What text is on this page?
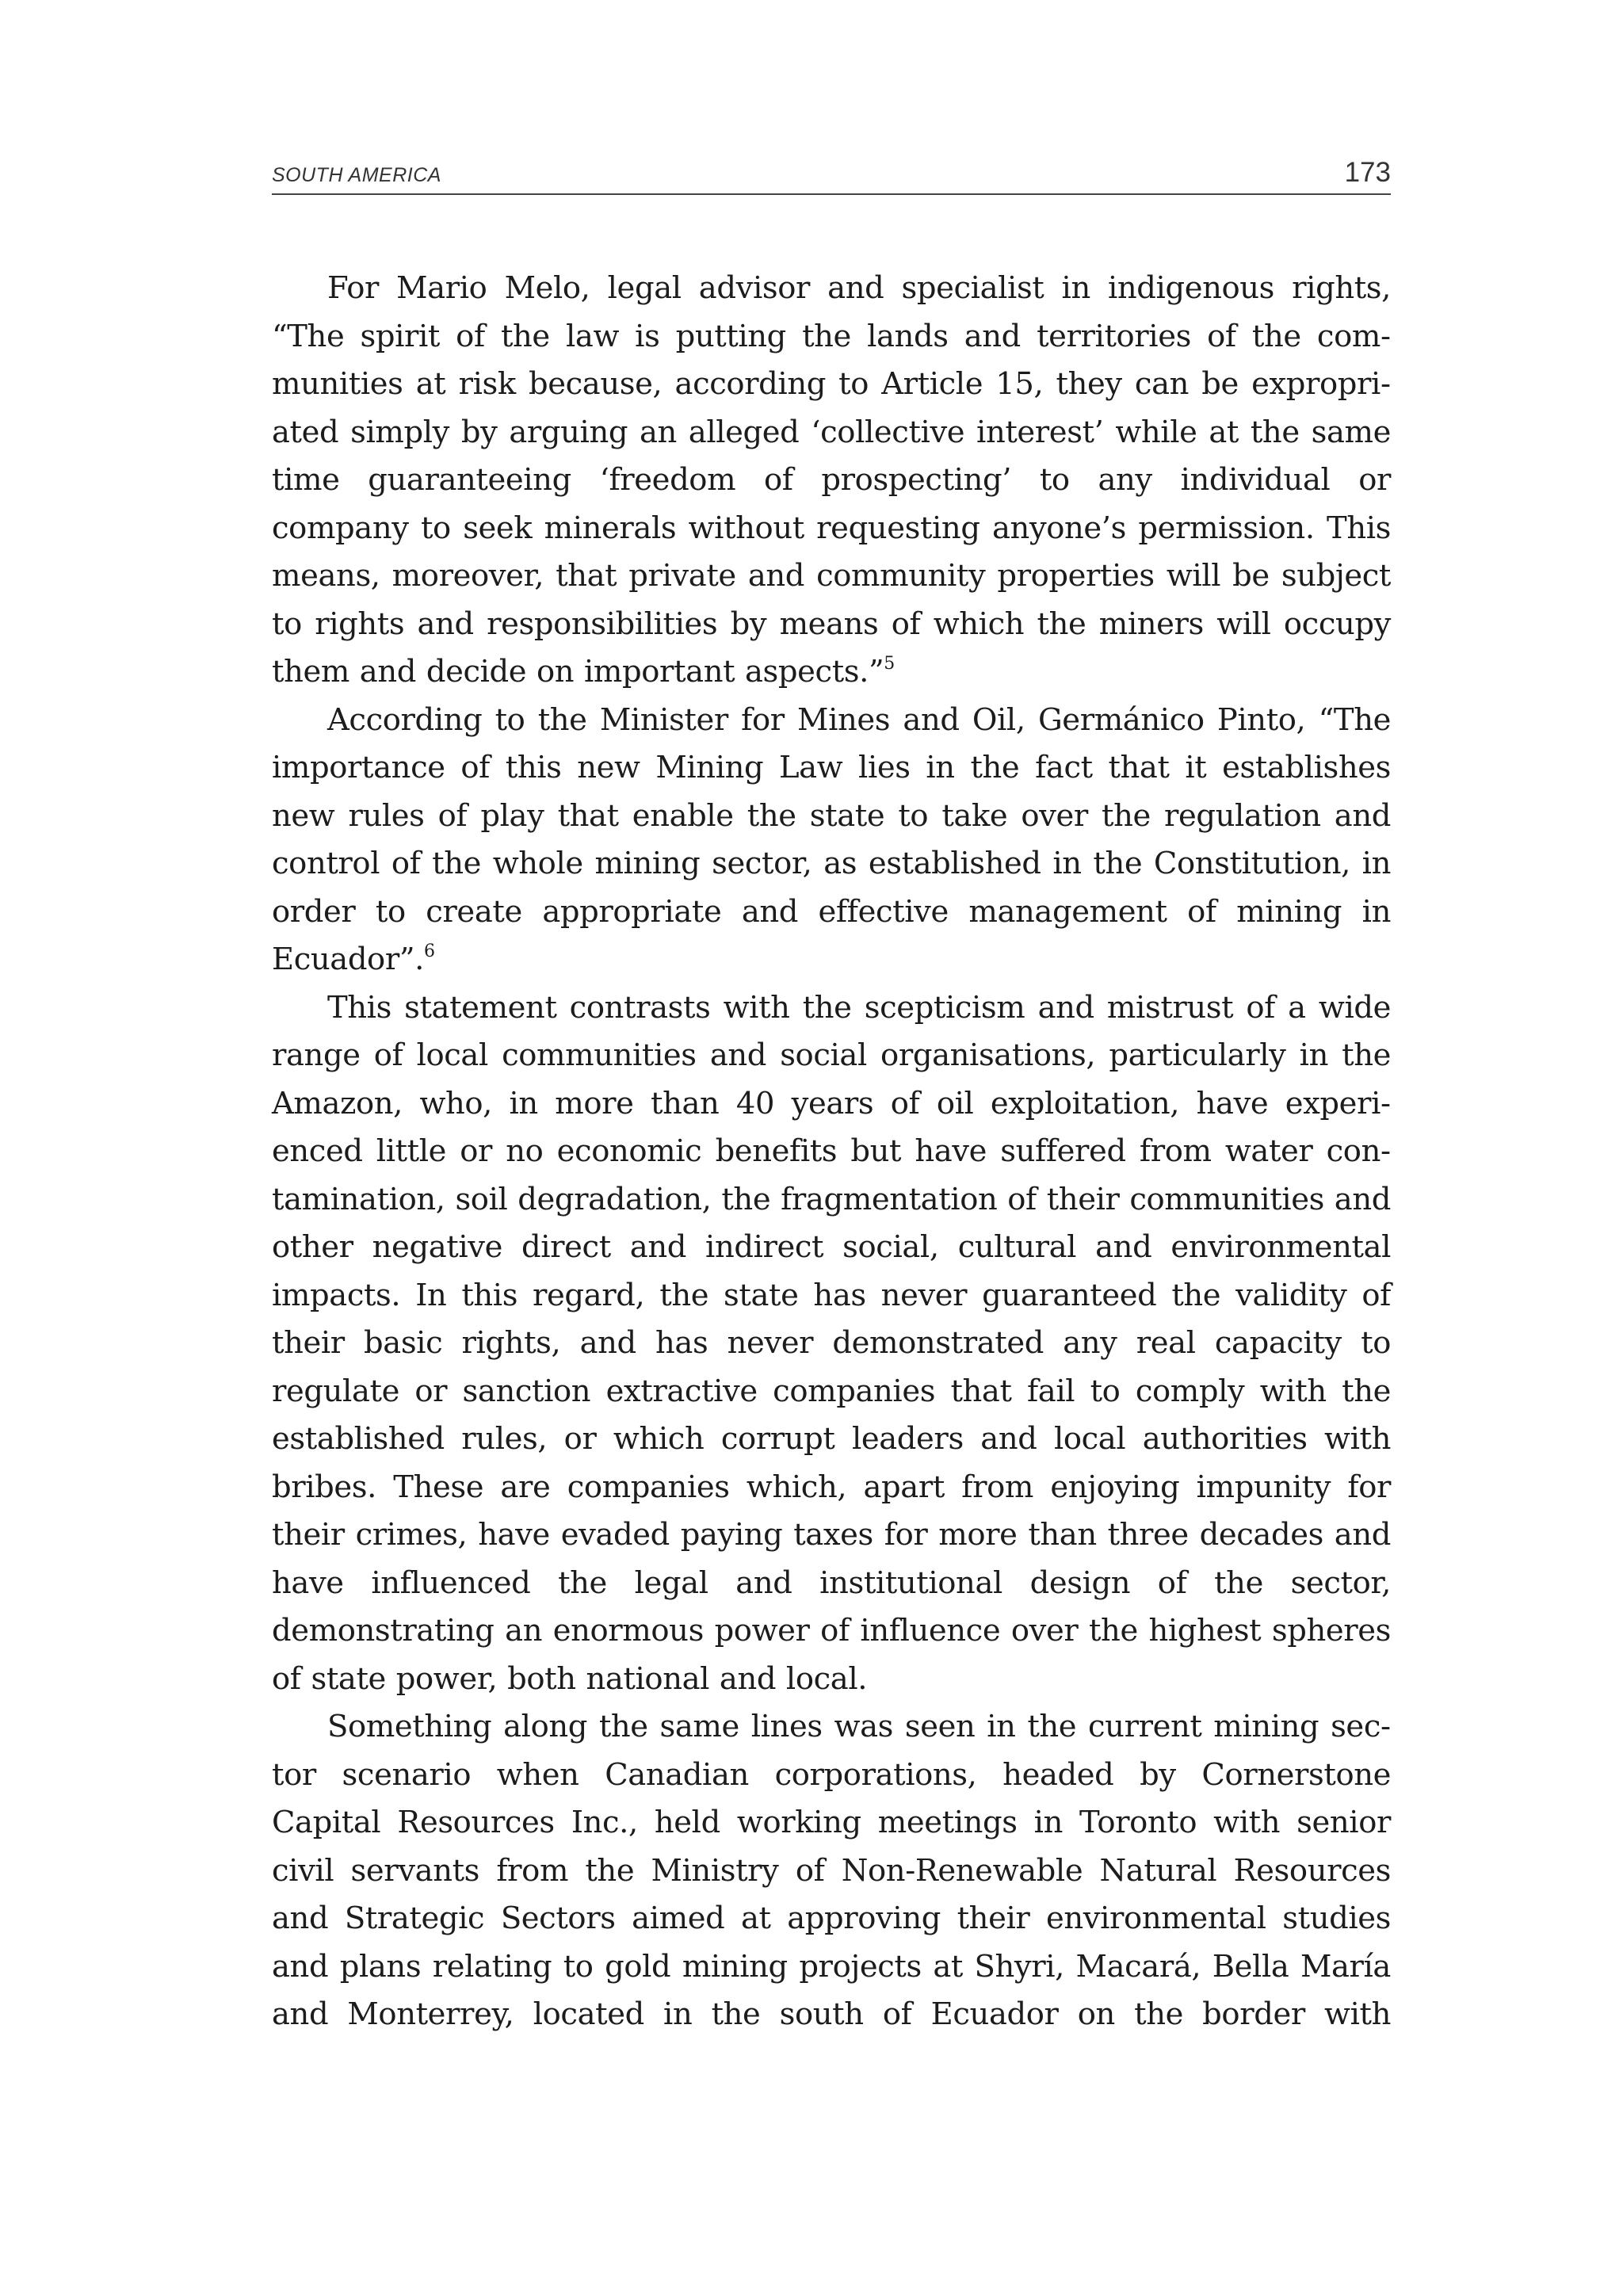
SOUTH AMERICA	173

For Mario Melo, legal advisor and specialist in indigenous rights, “The spirit of the law is putting the lands and territories of the communities at risk because, according to Article 15, they can be expropriated simply by arguing an alleged ‘collective interest’ while at the same time guaranteeing ‘freedom of prospecting’ to any individual or company to seek minerals without requesting anyone’s permission. This means, moreover, that private and community properties will be subject to rights and responsibilities by means of which the miners will occupy them and decide on important aspects.”$^5$

According to the Minister for Mines and Oil, Germánico Pinto, “The importance of this new Mining Law lies in the fact that it establishes new rules of play that enable the state to take over the regulation and control of the whole mining sector, as established in the Constitution, in order to create appropriate and effective management of mining in Ecuador”.$^6$

This statement contrasts with the scepticism and mistrust of a wide range of local communities and social organisations, particularly in the Amazon, who, in more than 40 years of oil exploitation, have experienced little or no economic benefits but have suffered from water contamination, soil degradation, the fragmentation of their communities and other negative direct and indirect social, cultural and environmental impacts. In this regard, the state has never guaranteed the validity of their basic rights, and has never demonstrated any real capacity to regulate or sanction extractive companies that fail to comply with the established rules, or which corrupt leaders and local authorities with bribes. These are companies which, apart from enjoying impunity for their crimes, have evaded paying taxes for more than three decades and have influenced the legal and institutional design of the sector, demonstrating an enormous power of influence over the highest spheres of state power, both national and local.

Something along the same lines was seen in the current mining sector scenario when Canadian corporations, headed by Cornerstone Capital Resources Inc., held working meetings in Toronto with senior civil servants from the Ministry of Non-Renewable Natural Resources and Strategic Sectors aimed at approving their environmental studies and plans relating to gold mining projects at Shyri, Macará, Bella María and Monterrey, located in the south of Ecuador on the border with
